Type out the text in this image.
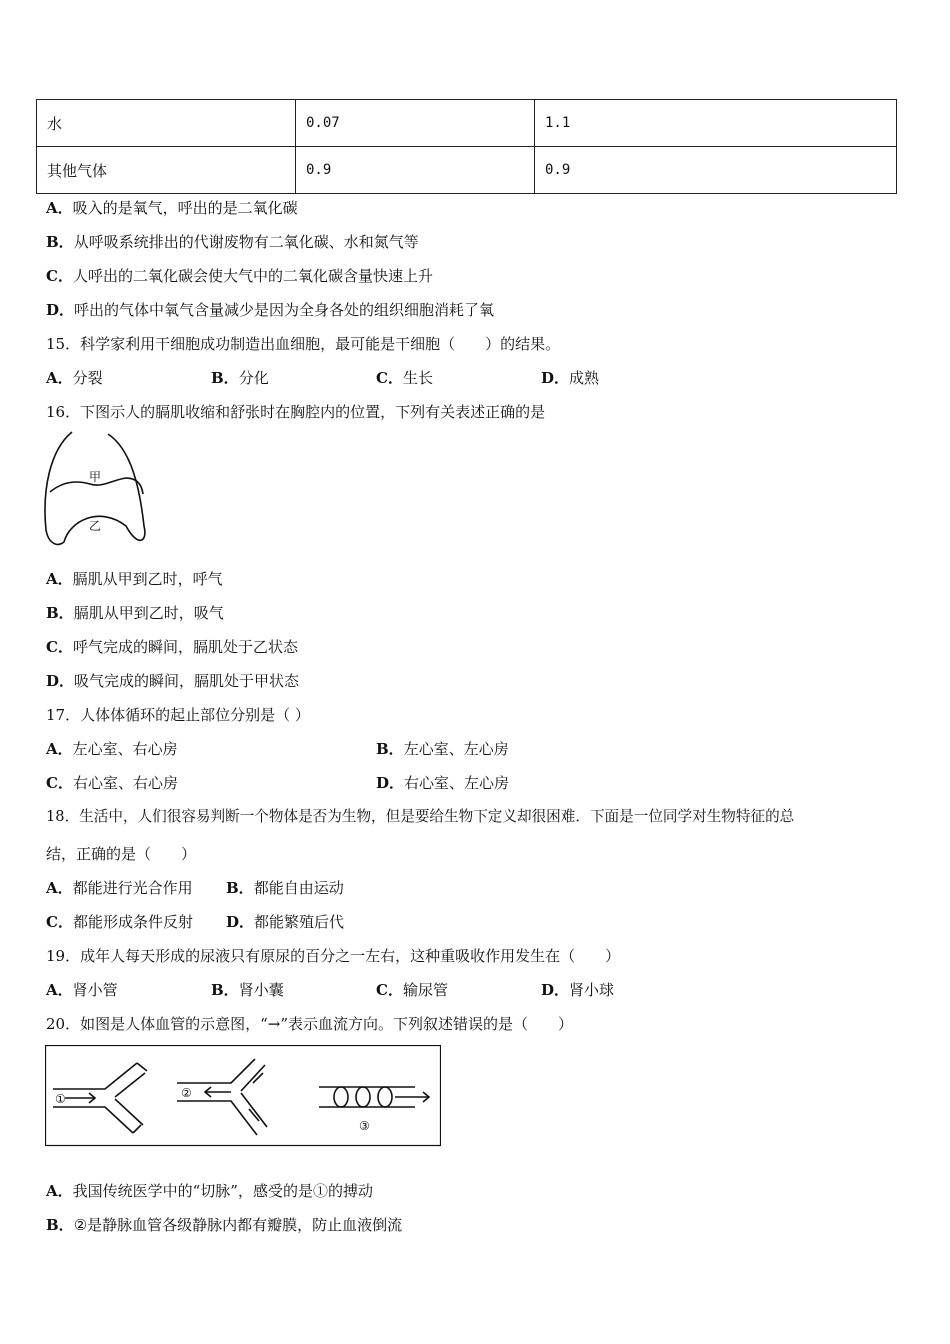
水	0.07	1.1
其他气体	0.9	0.9
A．吸入的是氧气，呼出的是二氧化碳
B．从呼吸系统排出的代谢废物有二氧化碳、水和氮气等
C．人呼出的二氧化碳会使大气中的二氧化碳含量快速上升
D．呼出的气体中氧气含量减少是因为全身各处的组织细胞消耗了氧
15．科学家利用干细胞成功制造出血细胞，最可能是干细胞（　　）的结果。
A．分裂	B．分化	C．生长	D．成熟
16．下图示人的膈肌收缩和舒张时在胸腔内的位置，下列有关表述正确的是
甲
乙
A．膈肌从甲到乙时，呼气
B．膈肌从甲到乙时，吸气
C．呼气完成的瞬间，膈肌处于乙状态
D．吸气完成的瞬间，膈肌处于甲状态
17．人体体循环的起止部位分别是（ ）
A．左心室、右心房	B．左心室、左心房
C．右心室、右心房	D．右心室、左心房
18．生活中，人们很容易判断一个物体是否为生物，但是要给生物下定义却很困难．下面是一位同学对生物特征的总
结，正确的是（　　）
A．都能进行光合作用 B．都能自由运动
C．都能形成条件反射 D．都能繁殖后代
19．成年人每天形成的尿液只有原尿的百分之一左右，这种重吸收作用发生在（　　）
A．肾小管	B．肾小囊	C．输尿管	D．肾小球
20．如图是人体血管的示意图，“→”表示血流方向。下列叙述错误的是（　　）
①	②
③
A．我国传统医学中的“切脉”，感受的是①的搏动
B．②是静脉血管各级静脉内都有瓣膜，防止血液倒流
